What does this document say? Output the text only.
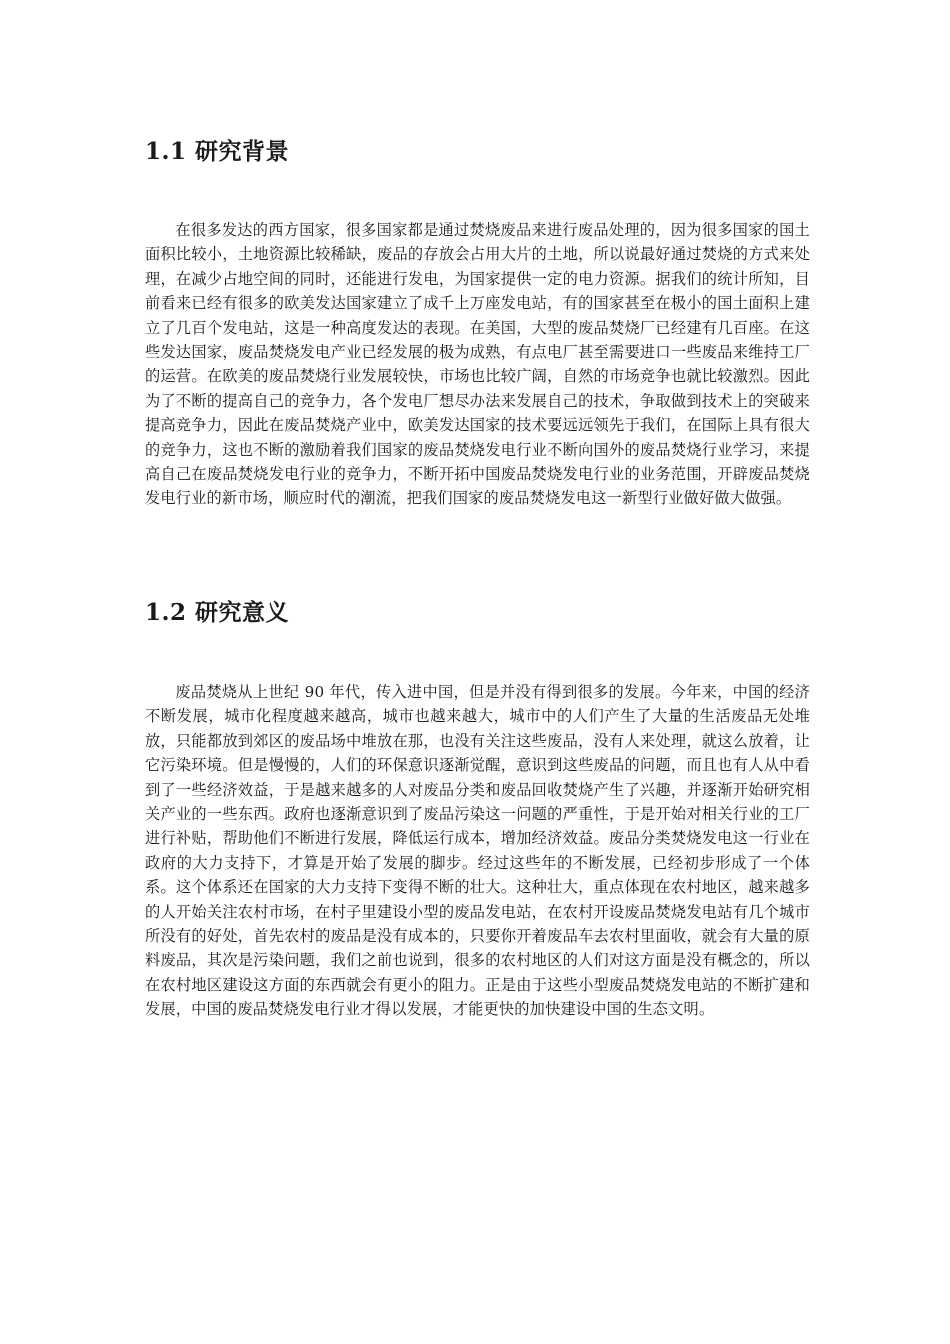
1.1 研究背景

在很多发达的西方国家，很多国家都是通过焚烧废品来进行废品处理的，因为很多国家的国土面积比较小，土地资源比较稀缺，废品的存放会占用大片的土地，所以说最好通过焚烧的方式来处理，在减少占地空间的同时，还能进行发电，为国家提供一定的电力资源。据我们的统计所知，目前看来已经有很多的欧美发达国家建立了成千上万座发电站，有的国家甚至在极小的国土面积上建立了几百个发电站，这是一种高度发达的表现。在美国，大型的废品焚烧厂已经建有几百座。在这些发达国家，废品焚烧发电产业已经发展的极为成熟，有点电厂甚至需要进口一些废品来维持工厂的运营。在欧美的废品焚烧行业发展较快，市场也比较广阔，自然的市场竞争也就比较激烈。因此为了不断的提高自己的竞争力，各个发电厂想尽办法来发展自己的技术，争取做到技术上的突破来提高竞争力，因此在废品焚烧产业中，欧美发达国家的技术要远远领先于我们，在国际上具有很大的竞争力，这也不断的激励着我们国家的废品焚烧发电行业不断向国外的废品焚烧行业学习，来提高自己在废品焚烧发电行业的竞争力，不断开拓中国废品焚烧发电行业的业务范围，开辟废品焚烧发电行业的新市场，顺应时代的潮流，把我们国家的废品焚烧发电这一新型行业做好做大做强。

1.2 研究意义

废品焚烧从上世纪 90 年代，传入进中国，但是并没有得到很多的发展。今年来，中国的经济不断发展，城市化程度越来越高，城市也越来越大，城市中的人们产生了大量的生活废品无处堆放，只能都放到郊区的废品场中堆放在那，也没有关注这些废品，没有人来处理，就这么放着，让它污染环境。但是慢慢的，人们的环保意识逐渐觉醒，意识到这些废品的问题，而且也有人从中看到了一些经济效益，于是越来越多的人对废品分类和废品回收焚烧产生了兴趣，并逐渐开始研究相关产业的一些东西。政府也逐渐意识到了废品污染这一问题的严重性，于是开始对相关行业的工厂进行补贴，帮助他们不断进行发展，降低运行成本，增加经济效益。废品分类焚烧发电这一行业在政府的大力支持下，才算是开始了发展的脚步。经过这些年的不断发展，已经初步形成了一个体系。这个体系还在国家的大力支持下变得不断的壮大。这种壮大，重点体现在农村地区，越来越多的人开始关注农村市场，在村子里建设小型的废品发电站，在农村开设废品焚烧发电站有几个城市所没有的好处，首先农村的废品是没有成本的，只要你开着废品车去农村里面收，就会有大量的原料废品，其次是污染问题，我们之前也说到，很多的农村地区的人们对这方面是没有概念的，所以在农村地区建设这方面的东西就会有更小的阻力。正是由于这些小型废品焚烧发电站的不断扩建和发展，中国的废品焚烧发电行业才得以发展，才能更快的加快建设中国的生态文明。
